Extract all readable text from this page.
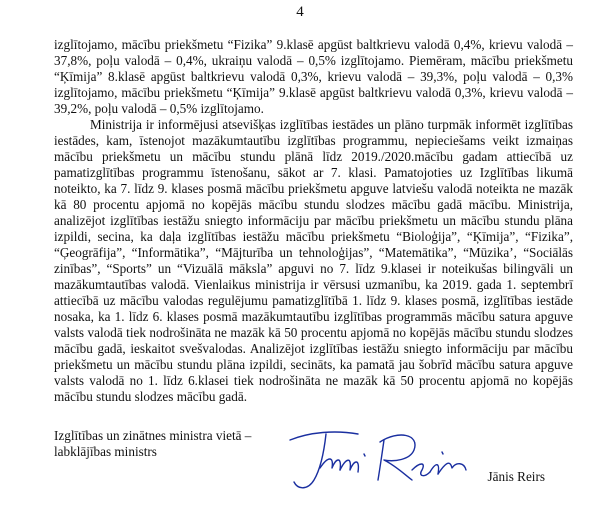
4

izglītojamo, mācību priekšmetu “Fizika” 9.klasē apgūst baltkrievu valodā 0,4%, krievu valodā – 37,8%, poļu valodā – 0,4%, ukraiņu valodā – 0,5% izglītojamo. Piemēram, mācību priekšmetu “Ķīmija” 8.klasē apgūst baltkrievu valodā 0,3%, krievu valodā – 39,3%, poļu valodā – 0,3% izglītojamo, mācību priekšmetu “Ķīmija” 9.klasē apgūst baltkrievu valodā 0,3%, krievu valodā – 39,2%, poļu valodā – 0,5% izglītojamo.

Ministrija ir informējusi atsevišķas izglītības iestādes un plāno turpmāk informēt izglītības iestādes, kam, īstenojot mazākumtautību izglītības programmu, nepieciešams veikt izmaiņas mācību priekšmetu un mācību stundu plānā līdz 2019./2020.mācību gadam attiecībā uz pamatizglītības programmu īstenošanu, sākot ar 7. klasi. Pamatojoties uz Izglītības likumā noteikto, ka 7. līdz 9. klases posmā mācību priekšmetu apguve latviešu valodā noteikta ne mazāk kā 80 procentu apjomā no kopējās mācību stundu slodzes mācību gadā mācību. Ministrija, analizējot izglītības iestāžu sniegto informāciju par mācību priekšmetu un mācību stundu plāna izpildi, secina, ka daļa izglītības iestāžu mācību priekšmetu “Bioloģija”, “Ķīmija”, “Fizika”, “Ģeogrāfija”, “Informātika”, “Mājturība un tehnoloģijas”, “Matemātika”, “Mūzika’, “Sociālās zinības”, “Sports” un “Vizuālā māksla” apguvi no 7. līdz 9.klasei ir noteikušas bilingvāli un mazākumtautības valodā. Vienlaikus ministrija ir vērsusi uzmanību, ka 2019. gada 1. septembrī attiecībā uz mācību valodas regulējumu pamatizglītībā 1. līdz 9. klases posmā, izglītības iestāde nosaka, ka 1. līdz 6. klases posmā mazākumtautību izglītības programmās mācību satura apguve valsts valodā tiek nodrošināta ne mazāk kā 50 procentu apjomā no kopējās mācību stundu slodzes mācību gadā, ieskaitot svešvalodas. Analizējot izglītības iestāžu sniegto informāciju par mācību priekšmetu un mācību stundu plāna izpildi, secināts, ka pamatā jau šobrīd mācību satura apguve valsts valodā no 1. līdz 6.klasei tiek nodrošināta ne mazāk kā 50 procentu apjomā no kopējās mācību stundu slodzes mācību gadā.

Izglītības un zinātnes ministra vietā –
labklājības ministrs
Jānis Reirs
